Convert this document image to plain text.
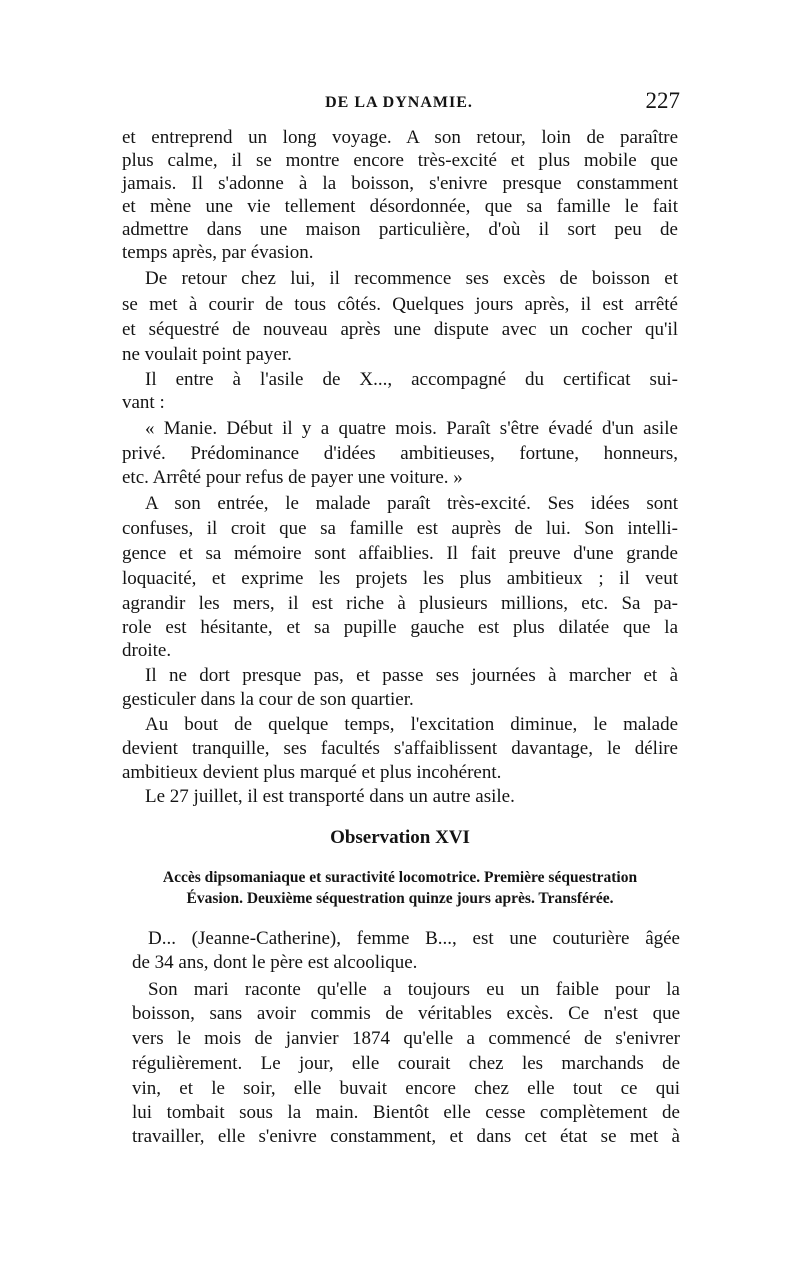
DE LA DYNAMIE.	227
et entreprend un long voyage. A son retour, loin de paraître
plus calme, il se montre encore très-excité et plus mobile que
jamais. Il s'adonne à la boisson, s'enivre presque constamment
et mène une vie tellement désordonnée, que sa famille le fait
admettre dans une maison particulière, d'où il sort peu de
temps après, par évasion.
De retour chez lui, il recommence ses excès de boisson et
se met à courir de tous côtés. Quelques jours après, il est arrêté
et séquestré de nouveau après une dispute avec un cocher qu'il
ne voulait point payer.
Il entre à l'asile de X..., accompagné du certificat sui-
vant :
« Manie. Début il y a quatre mois. Paraît s'être évadé d'un asile
privé. Prédominance d'idées ambitieuses, fortune, honneurs,
etc. Arrêté pour refus de payer une voiture. »
A son entrée, le malade paraît très-excité. Ses idées sont
confuses, il croit que sa famille est auprès de lui. Son intelli-
gence et sa mémoire sont affaiblies. Il fait preuve d'une grande
loquacité, et exprime les projets les plus ambitieux ; il veut
agrandir les mers, il est riche à plusieurs millions, etc. Sa pa-
role est hésitante, et sa pupille gauche est plus dilatée que la
droite.
Il ne dort presque pas, et passe ses journées à marcher et à
gesticuler dans la cour de son quartier.
Au bout de quelque temps, l'excitation diminue, le malade
devient tranquille, ses facultés s'affaiblissent davantage, le délire
ambitieux devient plus marqué et plus incohérent.
Le 27 juillet, il est transporté dans un autre asile.
Observation XVI
Accès dipsomaniaque et suractivité locomotrice. Première séquestration
Évasion. Deuxième séquestration quinze jours après. Transférée.
D... (Jeanne-Catherine), femme B..., est une couturière âgée
de 34 ans, dont le père est alcoolique.
Son mari raconte qu'elle a toujours eu un faible pour la
boisson, sans avoir commis de véritables excès. Ce n'est que
vers le mois de janvier 1874 qu'elle a commencé de s'enivrer
régulièrement. Le jour, elle courait chez les marchands de
vin, et le soir, elle buvait encore chez elle tout ce qui
lui tombait sous la main. Bientôt elle cesse complètement de
travailler, elle s'enivre constamment, et dans cet état se met à
